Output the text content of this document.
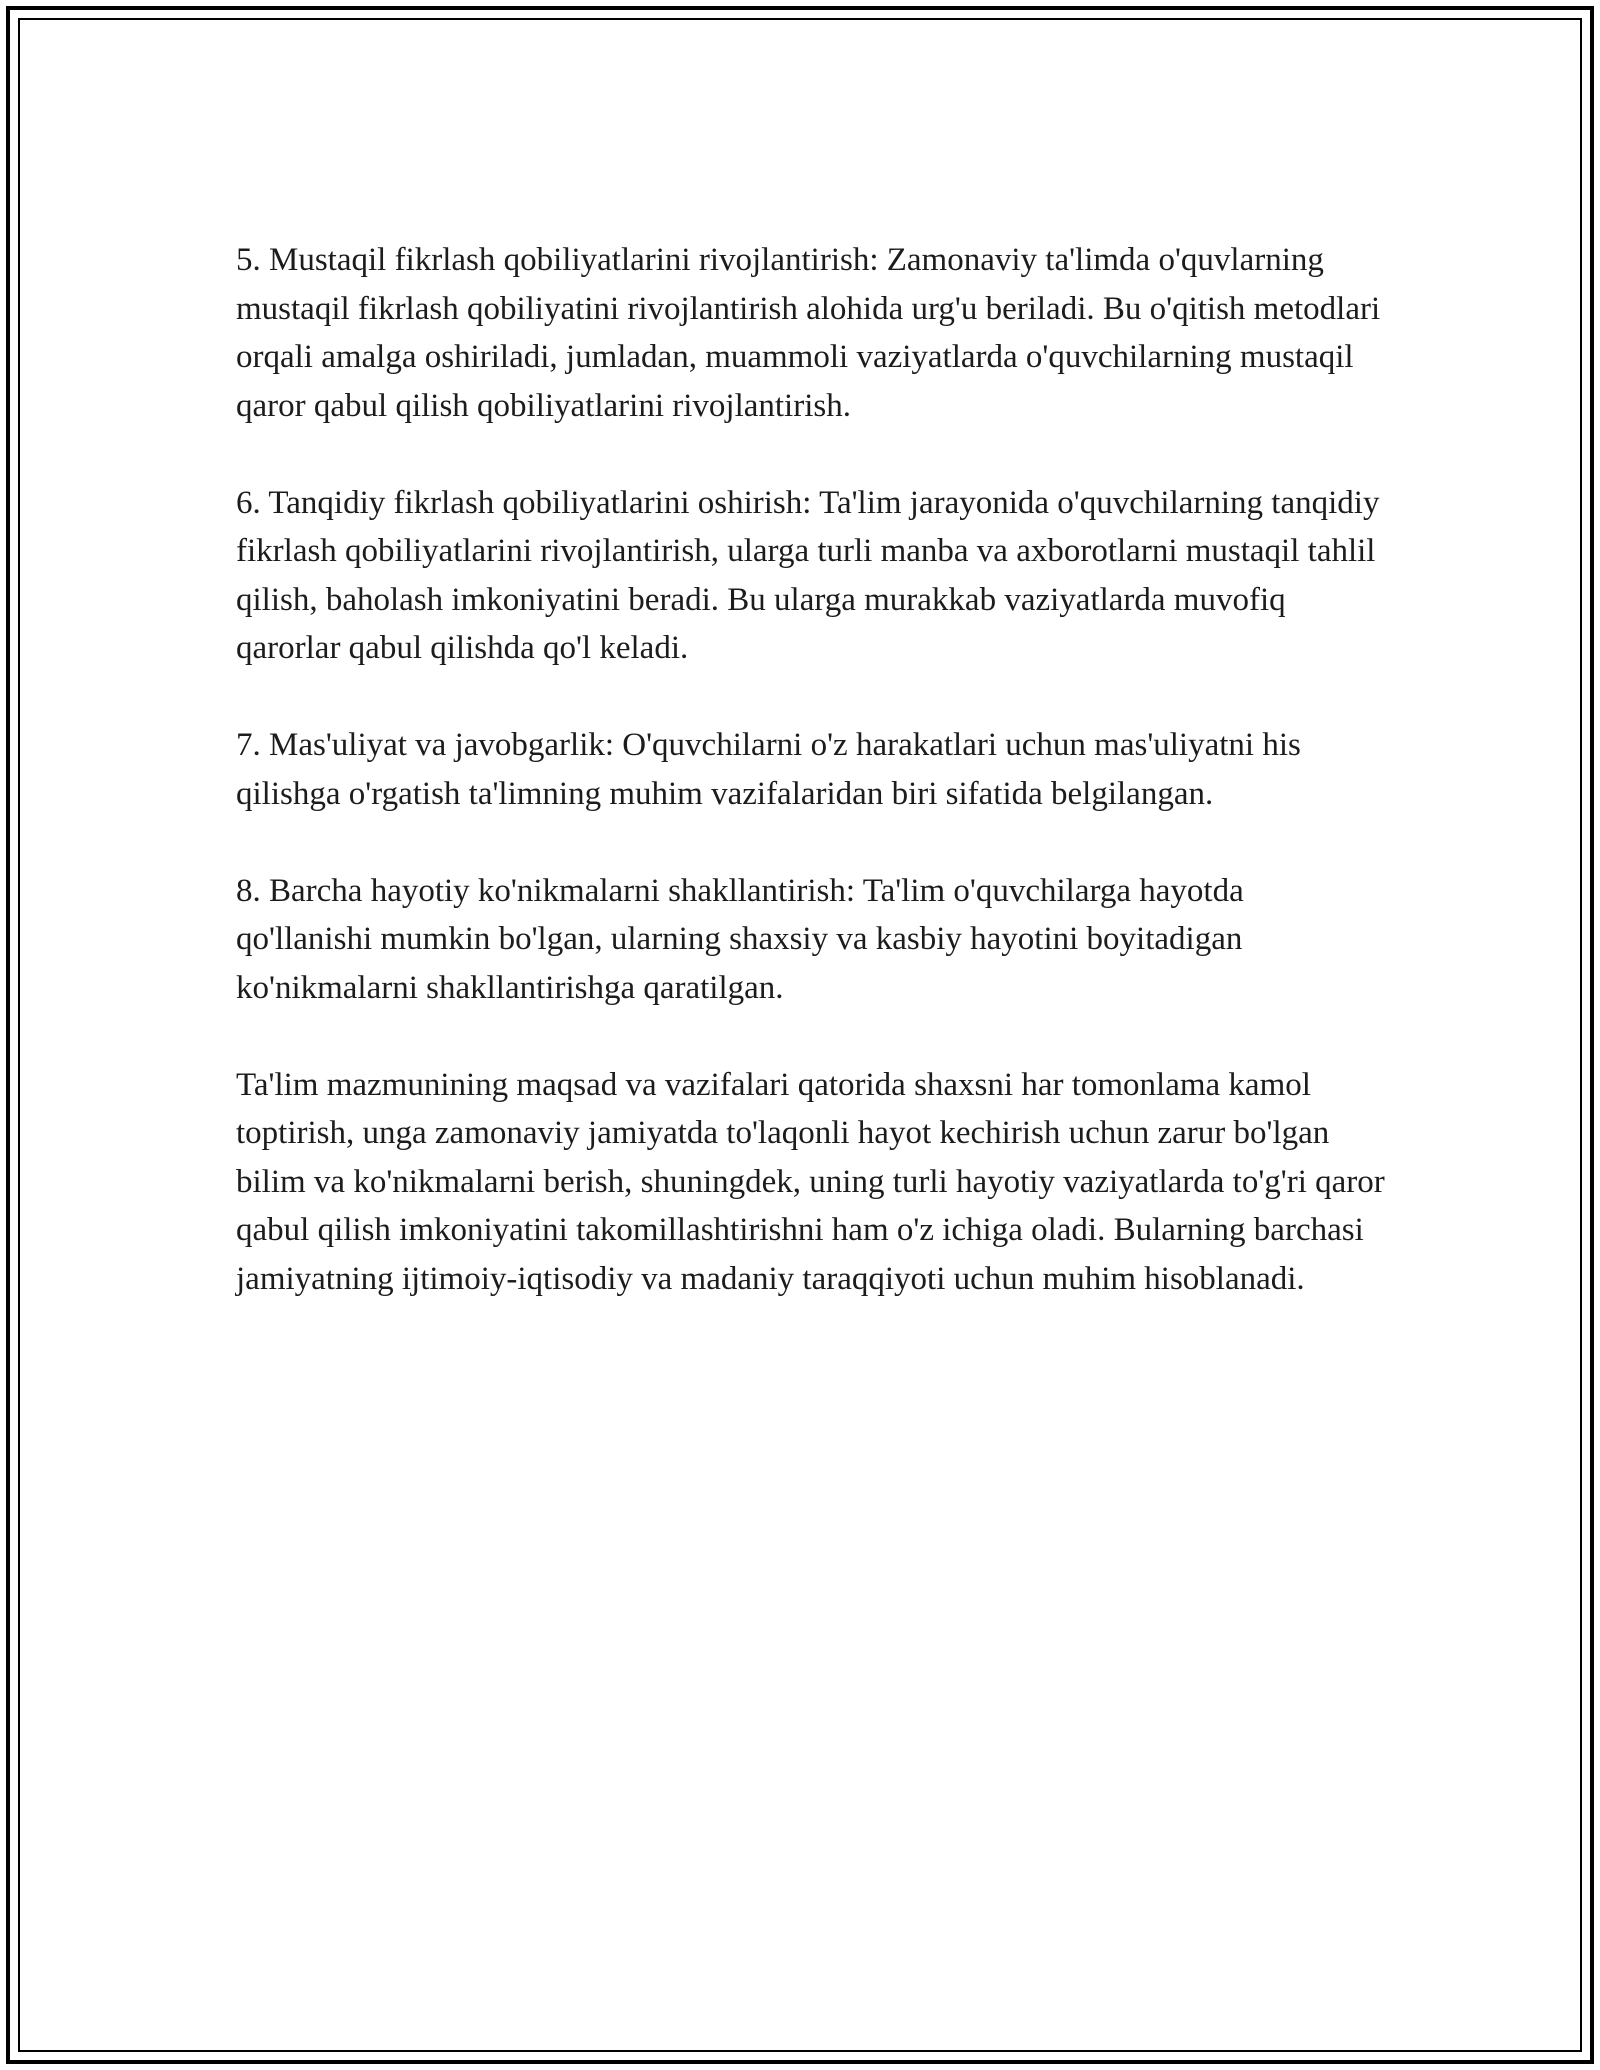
5. Mustaqil fikrlash qobiliyatlarini rivojlantirish: Zamonaviy ta'limda o'quvlarning mustaqil fikrlash qobiliyatini rivojlantirish alohida urg'u beriladi. Bu o'qitish metodlari orqali amalga oshiriladi, jumladan, muammoli vaziyatlarda o'quvchilarning mustaqil qaror qabul qilish qobiliyatlarini rivojlantirish.

6. Tanqidiy fikrlash qobiliyatlarini oshirish: Ta'lim jarayonida o'quvchilarning tanqidiy fikrlash qobiliyatlarini rivojlantirish, ularga turli manba va axborotlarni mustaqil tahlil qilish, baholash imkoniyatini beradi. Bu ularga murakkab vaziyatlarda muvofiq qarorlar qabul qilishda qo'l keladi.

7. Mas'uliyat va javobgarlik: O'quvchilarni o'z harakatlari uchun mas'uliyatni his qilishga o'rgatish ta'limning muhim vazifalaridan biri sifatida belgilangan.

8. Barcha hayotiy ko'nikmalarni shakllantirish: Ta'lim o'quvchilarga hayotda qo'llanishi mumkin bo'lgan, ularning shaxsiy va kasbiy hayotini boyitadigan ko'nikmalarni shakllantirishga qaratilgan.

Ta'lim mazmunining maqsad va vazifalari qatorida shaxsni har tomonlama kamol toptirish, unga zamonaviy jamiyatda to'laqonli hayot kechirish uchun zarur bo'lgan bilim va ko'nikmalarni berish, shuningdek, uning turli hayotiy vaziyatlarda to'g'ri qaror qabul qilish imkoniyatini takomillashtirishni ham o'z ichiga oladi. Bularning barchasi jamiyatning ijtimoiy-iqtisodiy va madaniy taraqqiyoti uchun muhim hisoblanadi.
